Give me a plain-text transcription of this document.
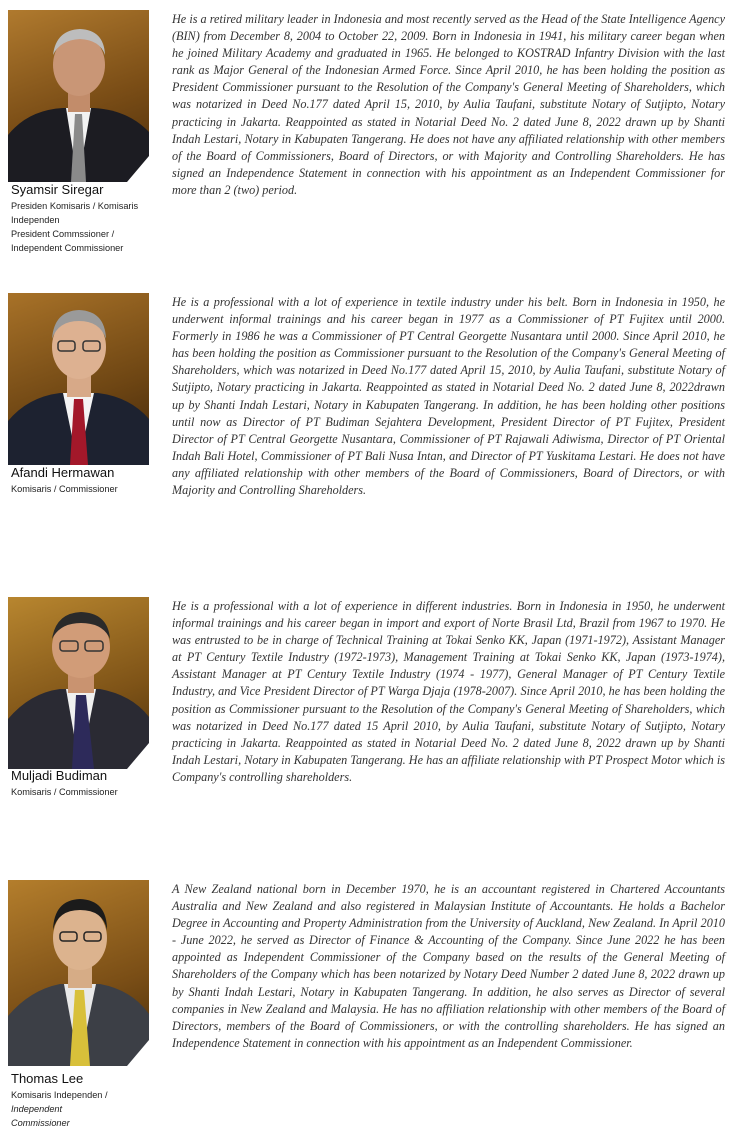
Syamsir Siregar
Presiden Komisaris / Komisaris
Independen
President Commssioner /
Independent Commissioner

He is a retired military leader in Indonesia and most recently served as the Head of the State Intelligence Agency (BIN) from December 8, 2004 to October 22, 2009. Born in Indonesia in 1941, his military career began when he joined Military Academy and graduated in 1965. He belonged to KOSTRAD Infantry Division with the last rank as Major General of the Indonesian Armed Force. Since April 2010, he has been holding the position as President Commissioner pursuant to the Resolution of the Company's General Meeting of Shareholders, which was notarized in Deed No.177 dated April 15, 2010, by Aulia Taufani, substitute Notary of Sutjipto, Notary practicing in Jakarta. Reappointed as stated in Notarial Deed No. 2 dated June 8, 2022 drawn up by Shanti Indah Lestari, Notary in Kabupaten Tangerang. He does not have any affiliated relationship with other members of the Board of Commissioners, Board of Directors, or with Majority and Controlling Shareholders. He has signed an Independence Statement in connection with his appointment as an Independent Commissioner for more than 2 (two) period.

Afandi Hermawan
Komisaris / Commissioner

He is a professional with a lot of experience in textile industry under his belt. Born in Indonesia in 1950, he underwent informal trainings and his career began in 1977 as a Commissioner of PT Fujitex until 2000. Formerly in 1986 he was a Commissioner of PT Central Georgette Nusantara until 2000. Since April 2010, he has been holding the position as Commissioner pursuant to the Resolution of the Company's General Meeting of Shareholders, which was notarized in Deed No.177 dated April 15, 2010, by Aulia Taufani, substitute Notary of Sutjipto, Notary practicing in Jakarta. Reappointed as stated in Notarial Deed No. 2 dated June 8, 2022drawn up by Shanti Indah Lestari, Notary in Kabupaten Tangerang. In addition, he has been holding other positions until now as Director of PT Budiman Sejahtera Development, President Director of PT Fujitex, President Director of PT Central Georgette Nusantara, Commissioner of PT Rajawali Adiwisma, Director of PT Oriental Indah Bali Hotel, Commissioner of PT Bali Nusa Intan, and Director of PT Yuskitama Lestari. He does not have any affiliated relationship with other members of the Board of Commissioners, Board of Directors, or with Majority and Controlling Shareholders.

Muljadi Budiman
Komisaris / Commissioner

He is a professional with a lot of experience in different industries. Born in Indonesia in 1950, he underwent informal trainings and his career began in import and export of Norte Brasil Ltd, Brazil from 1967 to 1970. He was entrusted to be in charge of Technical Training at Tokai Senko KK, Japan (1971-1972), Assistant Manager at PT Century Textile Industry (1972-1973), Management Training at Tokai Senko KK, Japan (1973-1974), Assistant Manager at PT Century Textile Industry (1974 - 1977), General Manager of PT Century Textile Industry, and Vice President Director of PT Warga Djaja (1978-2007). Since April 2010, he has been holding the position as Commissioner pursuant to the Resolution of the Company's General Meeting of Shareholders, which was notarized in Deed No.177 dated 15 April 2010, by Aulia Taufani, substitute Notary of Sutjipto, Notary practicing in Jakarta. Reappointed as stated in Notarial Deed No. 2 dated June 8, 2022 drawn up by Shanti Indah Lestari, Notary in Kabupaten Tangerang. He has an affiliate relationship with PT Prospect Motor which is Company's controlling shareholders.

Thomas Lee
Komisaris Independen /
Independent
Commissioner

A New Zealand national born in December 1970, he is an accountant registered in Chartered Accountants Australia and New Zealand and also registered in Malaysian Institute of Accountants. He holds a Bachelor Degree in Accounting and Property Administration from the University of Auckland, New Zealand. In April 2010 - June 2022, he served as Director of Finance & Accounting of the Company. Since June 2022 he has been appointed as Independent Commissioner of the Company based on the results of the General Meeting of Shareholders of the Company which has been notarized by Notary Deed Number 2 dated June 8, 2022 drawn up by Shanti Indah Lestari, Notary in Kabupaten Tangerang. In addition, he also serves as Director of several companies in New Zealand and Malaysia. He has no affiliation relationship with other members of the Board of Directors, members of the Board of Commissioners, or with the controlling shareholders. He has signed an Independence Statement in connection with his appointment as an Independent Commissioner.
